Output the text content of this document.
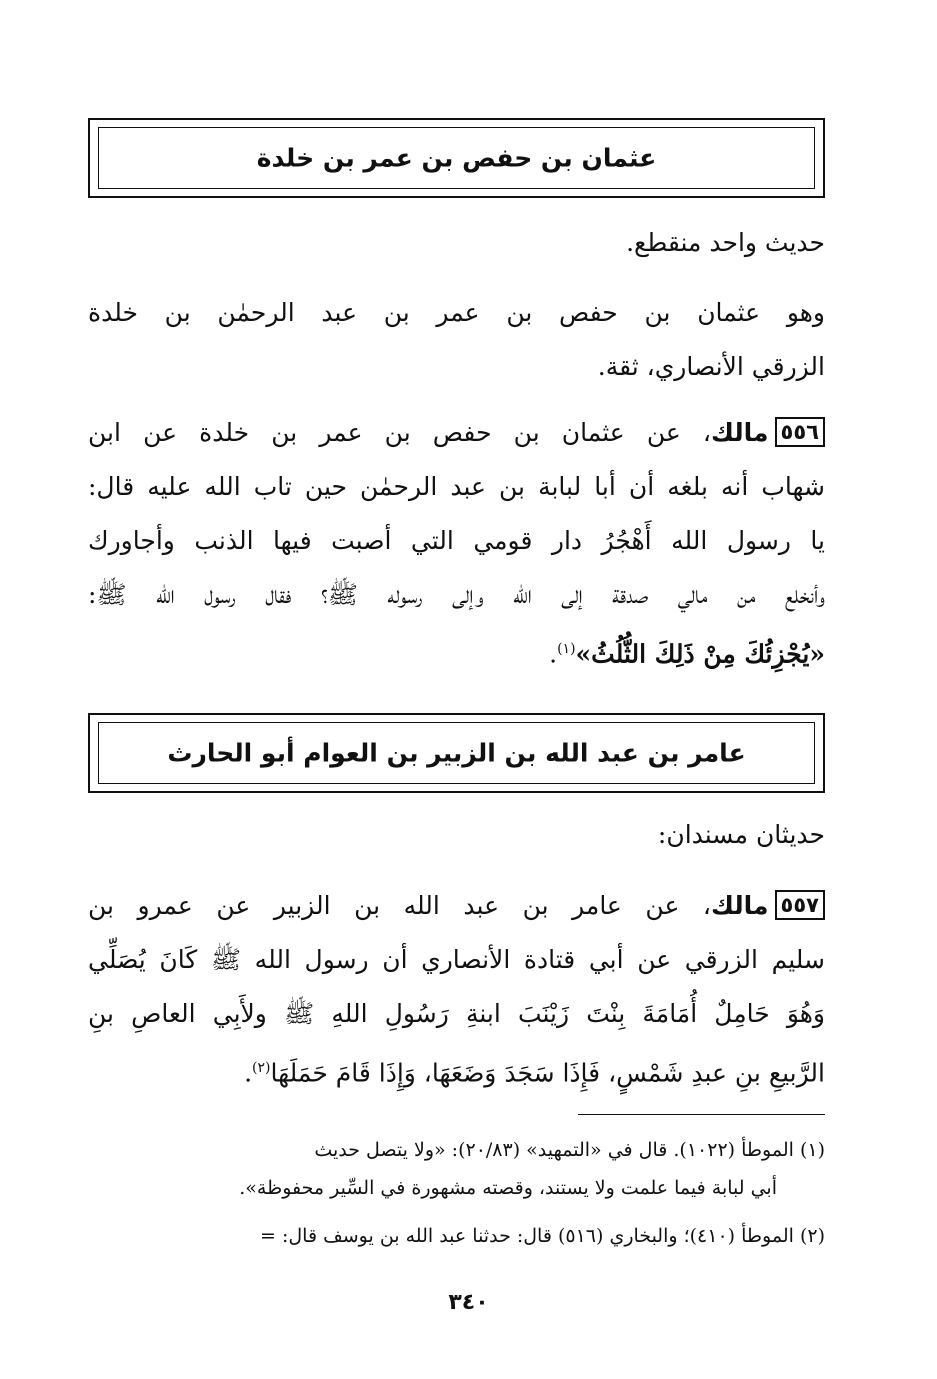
عثمان بن حفص بن عمر بن خلدة
حديث واحد منقطع.
وهو عثمان بن حفص بن عمر بن عبد الرحمٰن بن خلدة
الزرقي الأنصاري، ثقة.
٥٥٦مالك، عن عثمان بن حفص بن عمر بن خلدة عن ابن
شهاب أنه بلغه أن أبا لبابة بن عبد الرحمٰن حين تاب الله عليه قال:
يا رسول الله أَهْجُرُ دار قومي التي أصبت فيها الذنب وأجاورك
وأنخلع من مالي صدقة إلى الله وإلى رسوله ﷺ؟ فقال رسول الله ﷺ:
«يُجْزِئُكَ مِنْ ذَلِكَ الثُّلُثُ»$^{(١)}$.
عامر بن عبد الله بن الزبير بن العوام أبو الحارث
حديثان مسندان:
٥٥٧مالك، عن عامر بن عبد الله بن الزبير عن عمرو بن
سليم الزرقي عن أبي قتادة الأنصاري أن رسول الله ﷺ كَانَ يُصَلِّي
وَهُوَ حَامِلٌ أُمَامَةَ بِنْتَ زَيْنَبَ ابنةِ رَسُولِ اللهِ ﷺ ولأَبِي العاصِ بنِ
الرَّبيعِ بنِ عبدِ شَمْسٍ، فَإِذَا سَجَدَ وَضَعَهَا، وَإِذَا قَامَ حَمَلَهَا$^{(٢)}$.
(١) الموطأ (١٠٢٢). قال في «التمهيد» (٢٠/٨٣): «ولا يتصل حديث
أبي لبابة فيما علمت ولا يستند، وقصته مشهورة في السِّير محفوظة».
(٢) الموطأ (٤١٠)؛ والبخاري (٥١٦) قال: حدثنا عبد الله بن يوسف قال: =
٣٤٠
